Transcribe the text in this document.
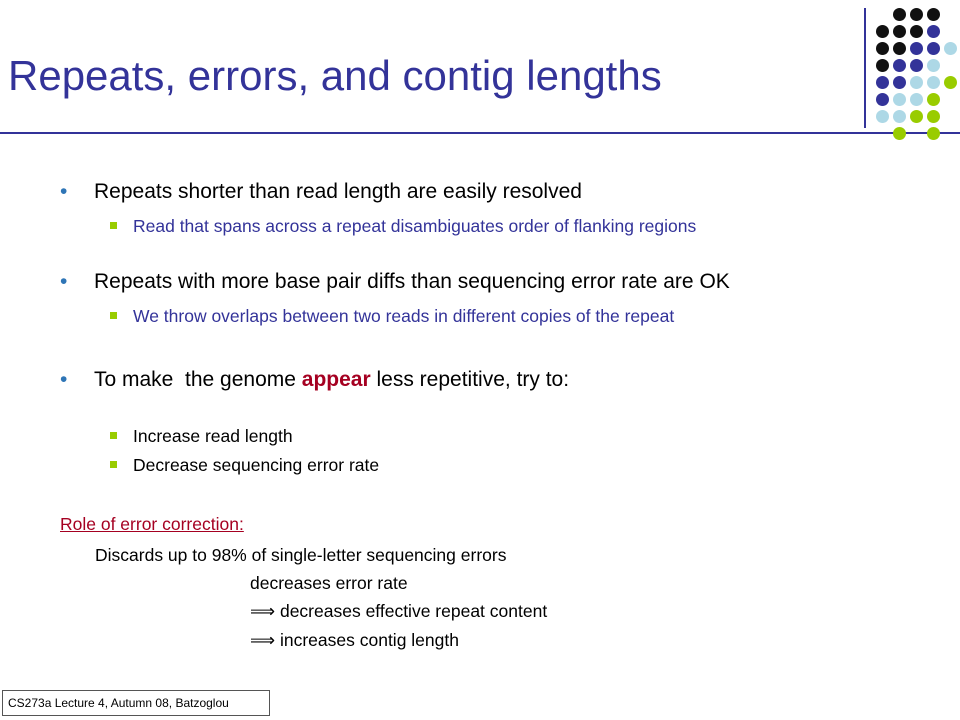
Repeats, errors, and contig lengths
• Repeats shorter than read length are easily resolved
Read that spans across a repeat disambiguates order of flanking regions
• Repeats with more base pair diffs than sequencing error rate are OK
We throw overlaps between two reads in different copies of the repeat
• To make  the genome appear less repetitive, try to:
Increase read length
Decrease sequencing error rate
Role of error correction:
Discards up to 98% of single-letter sequencing errors
decreases error rate
⟹ decreases effective repeat content
⟹ increases contig length
CS273a Lecture 4, Autumn 08, Batzoglou
